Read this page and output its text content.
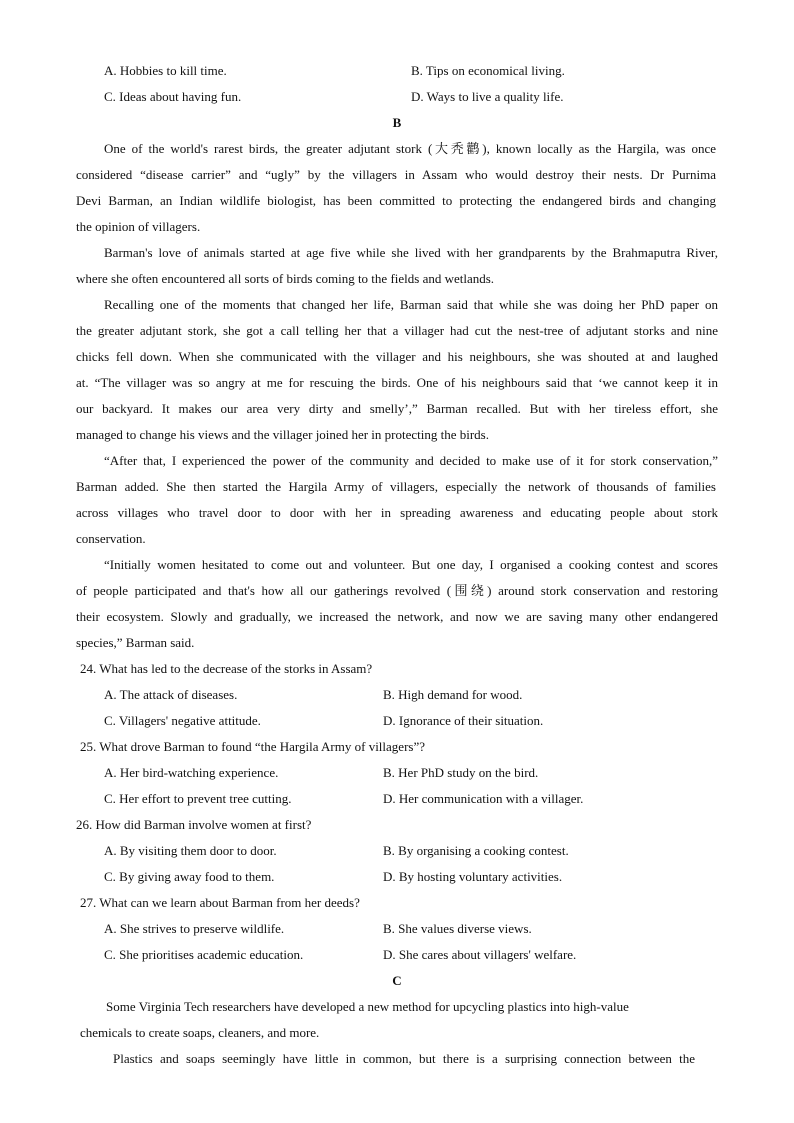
A. Hobbies to kill time.	B. Tips on economical living.
C. Ideas about having fun.	D. Ways to live a quality life.
B
One of the world's rarest birds, the greater adjutant stork (大秃鹳), known locally as the Hargila, was once
considered “disease carrier” and “ugly” by the villagers in Assam who would destroy their nests. Dr Purnima
Devi Barman, an Indian wildlife biologist, has been committed to protecting the endangered birds and changing
the opinion of villagers.
Barman's love of animals started at age five while she lived with her grandparents by the Brahmaputra River,
where she often encountered all sorts of birds coming to the fields and wetlands.
Recalling one of the moments that changed her life, Barman said that while she was doing her PhD paper on
the greater adjutant stork, she got a call telling her that a villager had cut the nest-tree of adjutant storks and nine
chicks fell down. When she communicated with the villager and his neighbours, she was shouted at and laughed
at. “The villager was so angry at me for rescuing the birds. One of his neighbours said that ‘we cannot keep it in
our backyard. It makes our area very dirty and smelly’,” Barman recalled. But with her tireless effort, she
managed to change his views and the villager joined her in protecting the birds.
“After that, I experienced the power of the community and decided to make use of it for stork conservation,”
Barman added. She then started the Hargila Army of villagers, especially the network of thousands of families
across villages who travel door to door with her in spreading awareness and educating people about stork
conservation.
“Initially women hesitated to come out and volunteer. But one day, I organised a cooking contest and scores
of people participated and that's how all our gatherings revolved (围绕) around stork conservation and restoring
their ecosystem. Slowly and gradually, we increased the network, and now we are saving many other endangered
species,” Barman said.
24. What has led to the decrease of the storks in Assam?
A. The attack of diseases.	B. High demand for wood.
C. Villagers' negative attitude.	D. Ignorance of their situation.
25. What drove Barman to found “the Hargila Army of villagers”?
A. Her bird-watching experience.	B. Her PhD study on the bird.
C. Her effort to prevent tree cutting.	D. Her communication with a villager.
26. How did Barman involve women at first?
A. By visiting them door to door.	B. By organising a cooking contest.
C. By giving away food to them.	D. By hosting voluntary activities.
27. What can we learn about Barman from her deeds?
A. She strives to preserve wildlife.	B. She values diverse views.
C. She prioritises academic education.	D. She cares about villagers' welfare.
C
Some Virginia Tech researchers have developed a new method for upcycling plastics into high-value
chemicals to create soaps, cleaners, and more.
Plastics and soaps seemingly have little in common, but there is a surprising connection between the
